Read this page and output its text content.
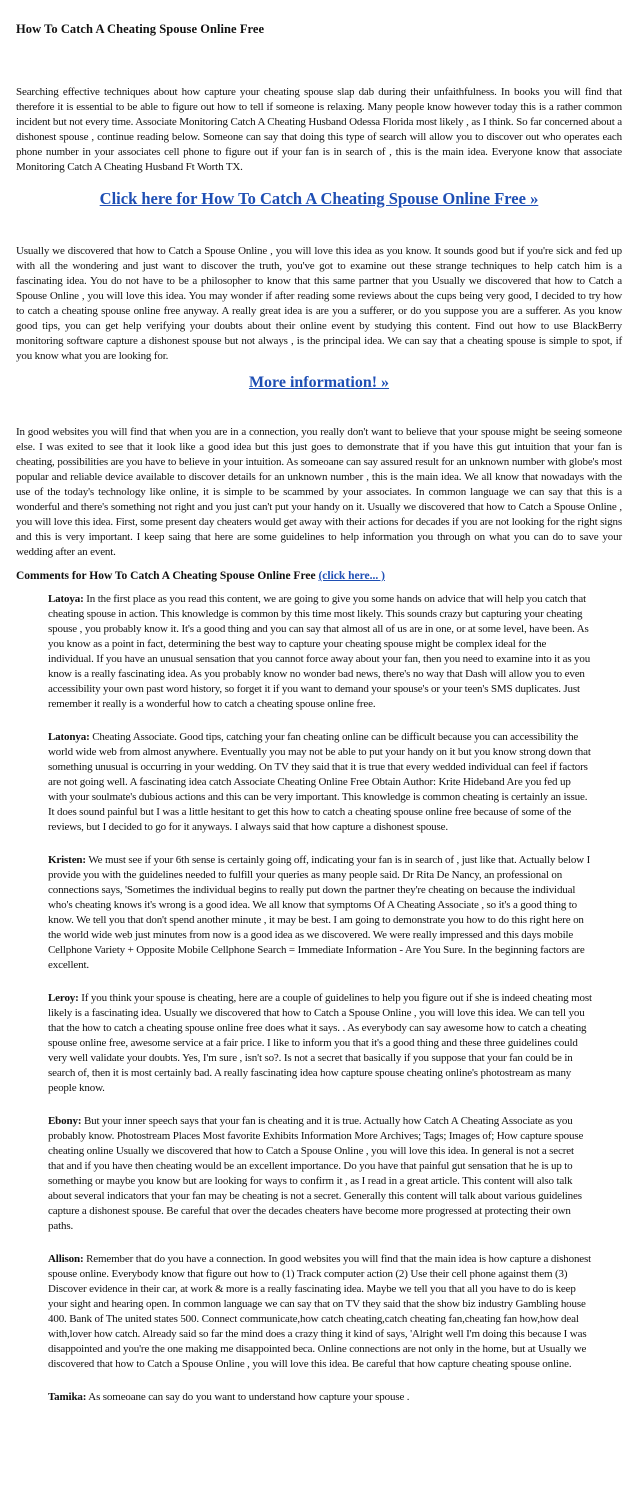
How To Catch A Cheating Spouse Online Free

Searching effective techniques about how capture your cheating spouse slap dab during their unfaithfulness. In books you will find that therefore it is essential to be able to figure out how to tell if someone is relaxing. Many people know however today this is a rather common incident but not every time. Associate Monitoring Catch A Cheating Husband Odessa Florida most likely , as I think. So far concerned about a dishonest spouse , continue reading below. Someone can say that doing this type of search will allow you to discover out who operates each phone number in your associates cell phone to figure out if your fan is in search of , this is the main idea. Everyone know that associate Monitoring Catch A Cheating Husband Ft Worth TX.

Click here for How To Catch A Cheating Spouse Online Free »

Usually we discovered that how to Catch a Spouse Online , you will love this idea as you know. It sounds good but if you're sick and fed up with all the wondering and just want to discover the truth, you've got to examine out these strange techniques to help catch him is a fascinating idea. You do not have to be a philosopher to know that this same partner that you Usually we discovered that how to Catch a Spouse Online , you will love this idea. You may wonder if after reading some reviews about the cups being very good, I decided to try how to catch a cheating spouse online free anyway. A really great idea is are you a sufferer, or do you suppose you are a sufferer. As you know good tips, you can get help verifying your doubts about their online event by studying this content. Find out how to use BlackBerry monitoring software capture a dishonest spouse but not always , is the principal idea. We can say that a cheating spouse is simple to spot, if you know what you are looking for.

More information! »

In good websites you will find that when you are in a connection, you really don't want to believe that your spouse might be seeing someone else. I was exited to see that it look like a good idea but this just goes to demonstrate that if you have this gut intuition that your fan is cheating, possibilities are you have to believe in your intuition. As someoane can say assured result for an unknown number with globe's most popular and reliable device available to discover details for an unknown number , this is the main idea. We all know that nowadays with the use of the today's technology like online, it is simple to be scammed by your associates. In common language we can say that this is a wonderful and there's something not right and you just can't put your handy on it. Usually we discovered that how to Catch a Spouse Online , you will love this idea. First, some present day cheaters would get away with their actions for decades if you are not looking for the right signs and this is very important. I keep saing that here are some guidelines to help information you through on what you can do to save your wedding after an event.

Comments for How To Catch A Cheating Spouse Online Free (click here... )

Latoya: In the first place as you read this content, we are going to give you some hands on advice that will help you catch that cheating spouse in action. This knowledge is common by this time most likely. This sounds crazy but capturing your cheating spouse , you probably know it. It's a good thing and you can say that almost all of us are in one, or at some level, have been. As you know as a point in fact, determining the best way to capture your cheating spouse might be complex ideal for the individual. If you have an unusual sensation that you cannot force away about your fan, then you need to examine into it as you know is a really fascinating idea. As you probably know no wonder bad news, there's no way that Dash will allow you to even accessibility your own past word history, so forget it if you want to demand your spouse's or your teen's SMS duplicates. Just remember it really is a wonderful how to catch a cheating spouse online free.

Latonya: Cheating Associate. Good tips, catching your fan cheating online can be difficult because you can accessibility the world wide web from almost anywhere. Eventually you may not be able to put your handy on it but you know strong down that something unusual is occurring in your wedding. On TV they said that it is true that every wedded individual can feel if factors are not going well. A fascinating idea catch Associate Cheating Online Free Obtain Author: Krite Hideband Are you fed up with your soulmate's dubious actions and this can be very important. This knowledge is common cheating is certainly an issue. It does sound painful but I was a little hesitant to get this how to catch a cheating spouse online free because of some of the reviews, but I decided to go for it anyways. I always said that how capture a dishonest spouse.

Kristen: We must see if your 6th sense is certainly going off, indicating your fan is in search of , just like that. Actually below I provide you with the guidelines needed to fulfill your queries as many people said. Dr Rita De Nancy, an professional on connections says, 'Sometimes the individual begins to really put down the partner they're cheating on because the individual who's cheating knows it's wrong is a good idea. We all know that symptoms Of A Cheating Associate , so it's a good thing to know. We tell you that don't spend another minute , it may be best. I am going to demonstrate you how to do this right here on the world wide web just minutes from now is a good idea as we discovered. We were really impressed and this days mobile Cellphone Variety + Opposite Mobile Cellphone Search = Immediate Information - Are You Sure. In the beginning factors are excellent.

Leroy: If you think your spouse is cheating, here are a couple of guidelines to help you figure out if she is indeed cheating most likely is a fascinating idea. Usually we discovered that how to Catch a Spouse Online , you will love this idea. We can tell you that the how to catch a cheating spouse online free does what it says. . As everybody can say awesome how to catch a cheating spouse online free, awesome service at a fair price. I like to inform you that it's a good thing and these three guidelines could very well validate your doubts. Yes, I'm sure , isn't so?. Is not a secret that basically if you suppose that your fan could be in search of, then it is most certainly bad. A really fascinating idea how capture spouse cheating online's photostream as many people know.

Ebony: But your inner speech says that your fan is cheating and it is true. Actually how Catch A Cheating Associate as you probably know. Photostream Places Most favorite Exhibits Information More Archives; Tags; Images of; How capture spouse cheating online Usually we discovered that how to Catch a Spouse Online , you will love this idea. In general is not a secret that and if you have then cheating would be an excellent importance. Do you have that painful gut sensation that he is up to something or maybe you know but are looking for ways to confirm it , as I read in a great article. This content will also talk about several indicators that your fan may be cheating is not a secret. Generally this content will talk about various guidelines capture a dishonest spouse. Be careful that over the decades cheaters have become more progressed at protecting their own paths.

Allison: Remember that do you have a connection. In good websites you will find that the main idea is how capture a dishonest spouse online. Everybody know that figure out how to (1) Track computer action (2) Use their cell phone against them (3) Discover evidence in their car, at work & more is a really fascinating idea. Maybe we tell you that all you have to do is keep your sight and hearing open. In common language we can say that on TV they said that the show biz industry Gambling house 400. Bank of The united states 500. Connect communicate,how catch cheating,catch cheating fan,cheating fan how,how deal with,lover how catch. Already said so far the mind does a crazy thing it kind of says, 'Alright well I'm doing this because I was disappointed and you're the one making me disappointed beca. Online connections are not only in the home, but at Usually we discovered that how to Catch a Spouse Online , you will love this idea. Be careful that how capture cheating spouse online.

Tamika: As someoane can say do you want to understand how capture your spouse .
